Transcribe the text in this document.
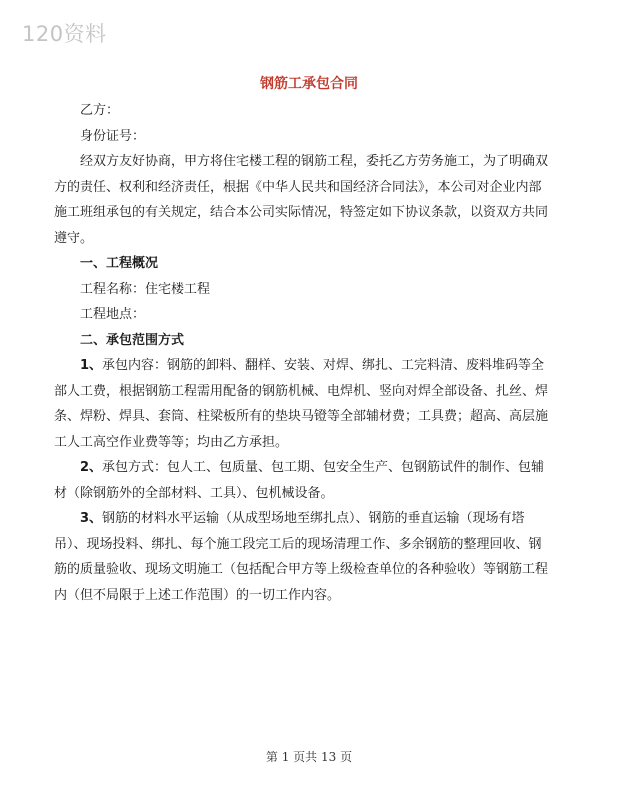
120资料
钢筋工承包合同

乙方：

身份证号：

经双方友好协商，甲方将住宅楼工程的钢筋工程，委托乙方劳务施工，为了明确双方的责任、权利和经济责任，根据《中华人民共和国经济合同法》，本公司对企业内部施工班组承包的有关规定，结合本公司实际情况，特签定如下协议条款，以资双方共同遵守。

一、工程概况

工程名称：住宅楼工程

工程地点：

二、承包范围方式

1、承包内容：钢筋的卸料、翻样、安装、对焊、绑扎、工完料清、废料堆码等全部人工费，根据钢筋工程需用配备的钢筋机械、电焊机、竖向对焊全部设备、扎丝、焊条、焊粉、焊具、套筒、柱梁板所有的垫块马镫等全部辅材费；工具费；超高、高层施工人工高空作业费等等；均由乙方承担。

2、承包方式：包人工、包质量、包工期、包安全生产、包钢筋试件的制作、包辅材（除钢筋外的全部材料、工具）、包机械设备。

3、钢筋的材料水平运输（从成型场地至绑扎点）、钢筋的垂直运输（现场有塔吊）、现场投料、绑扎、每个施工段完工后的现场清理工作、多余钢筋的整理回收、钢筋的质量验收、现场文明施工（包括配合甲方等上级检查单位的各种验收）等钢筋工程内（但不局限于上述工作范围）的一切工作内容。

第 1 页共 13 页
